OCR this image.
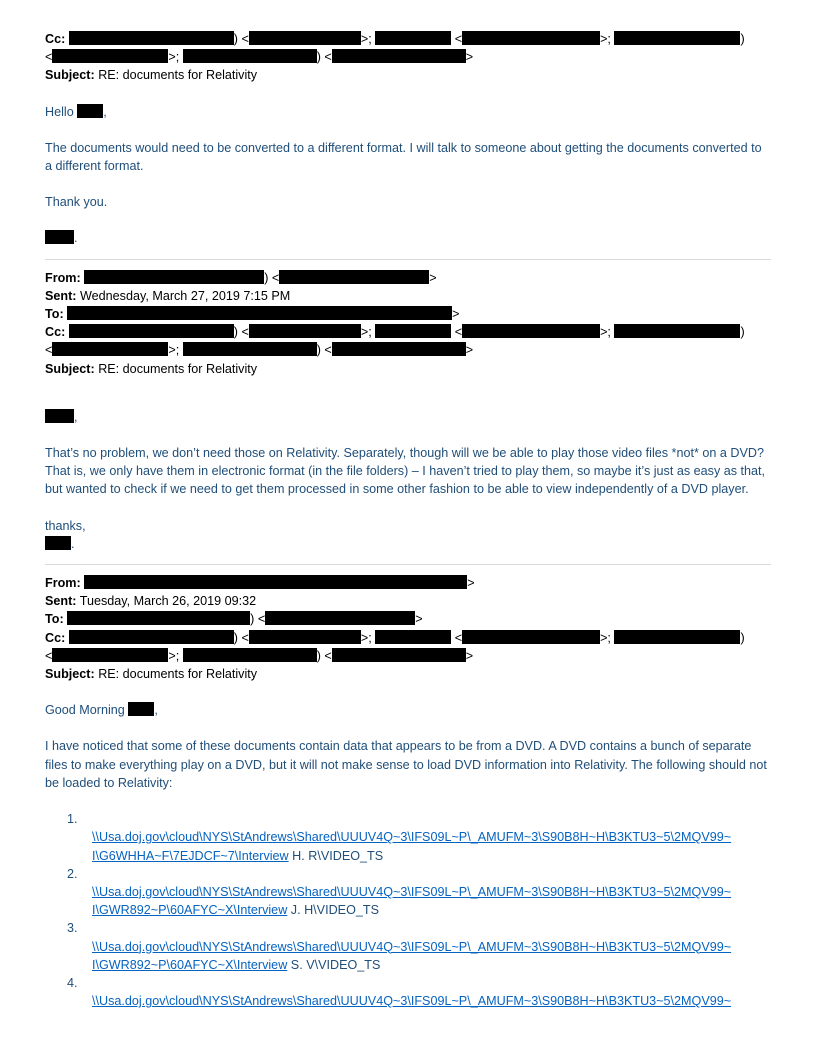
Cc:	) <	>;	<	>;	)
<	>;	) <	>
Subject: RE: documents for Relativity
Hello ,
The documents would need to be converted to a different format. I will talk to someone about getting the documents converted to a different format.
Thank you.
.
From:	) <	>
Sent: Wednesday, March 27, 2019 7:15 PM
To:	>
Cc:	) <	>;	<	>;	)
<	>;	) <	>
Subject: RE: documents for Relativity
,
That’s no problem, we don’t need those on Relativity. Separately, though will we be able to play those video files *not* on a DVD? That is, we only have them in electronic format (in the file folders) – I haven’t tried to play them, so maybe it’s just as easy as that, but wanted to check if we need to get them processed in some other fashion to be able to view independently of a DVD player.
thanks,
.
From:	>
Sent: Tuesday, March 26, 2019 09:32
To:	) <	>
Cc:	) <	>;	<	>;	)
<	>;	) <	>
Subject: RE: documents for Relativity
Good Morning ,
I have noticed that some of these documents contain data that appears to be from a DVD. A DVD contains a bunch of separate files to make everything play on a DVD, but it will not make sense to load DVD information into Relativity. The following should not be loaded to Relativity:
1.
\\Usa.doj.gov\cloud\NYS\StAndrews\Shared\UUUV4Q~3\IFS09L~P\_AMUFM~3\S90B8H~H\B3KTU3~5\2MQV99~
I\G6WHHA~F\7EJDCF~7\Interview H. R\VIDEO_TS
2.
\\Usa.doj.gov\cloud\NYS\StAndrews\Shared\UUUV4Q~3\IFS09L~P\_AMUFM~3\S90B8H~H\B3KTU3~5\2MQV99~
I\GWR892~P\60AFYC~X\Interview J. H\VIDEO_TS
3.
\\Usa.doj.gov\cloud\NYS\StAndrews\Shared\UUUV4Q~3\IFS09L~P\_AMUFM~3\S90B8H~H\B3KTU3~5\2MQV99~
I\GWR892~P\60AFYC~X\Interview S. V\VIDEO_TS
4.
\\Usa.doj.gov\cloud\NYS\StAndrews\Shared\UUUV4Q~3\IFS09L~P\_AMUFM~3\S90B8H~H\B3KTU3~5\2MQV99~
